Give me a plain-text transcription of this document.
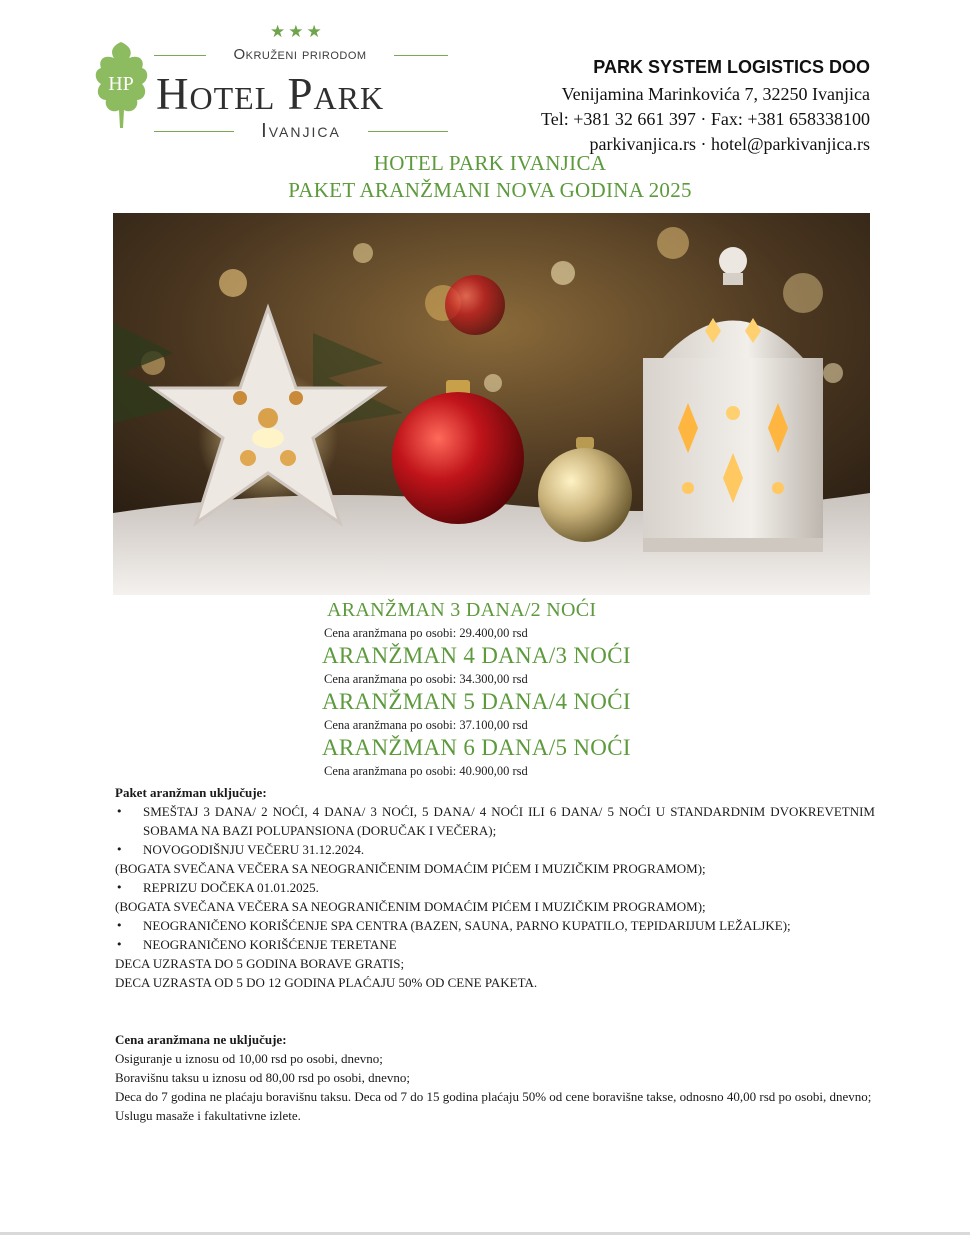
HP
★★★
Okruženi prirodom
Hotel Park
Ivanjica
PARK SYSTEM LOGISTICS DOO
Venijamina Marinkovića 7, 32250 Ivanjica
Tel: +381 32 661 397 · Fax: +381 658338100
parkivanjica.rs · hotel@parkivanjica.rs
HOTEL PARK IVANJICA
PAKET ARANŽMANI NOVA GODINA 2025
ARANŽMAN 3 DANA/2 NOĆI
Cena aranžmana po osobi: 29.400,00 rsd
ARANŽMAN 4 DANA/3 NOĆI
Cena aranžmana po osobi: 34.300,00 rsd
ARANŽMAN 5 DANA/4 NOĆI
Cena aranžmana po osobi: 37.100,00 rsd
ARANŽMAN 6 DANA/5 NOĆI
Cena aranžmana po osobi: 40.900,00 rsd
Paket aranžman uključuje:
• SMEŠTAJ 3 DANA/ 2 NOĆI, 4 DANA/ 3 NOĆI, 5 DANA/ 4 NOĆI ILI 6 DANA/ 5 NOĆI U STANDARDNIM DVOKREVETNIM SOBAMA NA BAZI POLUPANSIONA (DORUČAK I VEČERA);
• NOVOGODIŠNJU VEČERU 31.12.2024.
(BOGATA SVEČANA VEČERA SA NEOGRANIČENIM DOMAĆIM PIĆEM I MUZIČKIM PROGRAMOM);
• REPRIZU DOČEKA 01.01.2025.
(BOGATA SVEČANA VEČERA SA NEOGRANIČENIM DOMAĆIM PIĆEM I MUZIČKIM PROGRAMOM);
• NEOGRANIČENO KORIŠĆENJE SPA CENTRA (BAZEN, SAUNA, PARNO KUPATILO, TEPIDARIJUM LEŽALJKE);
• NEOGRANIČENO KORIŠĆENJE TERETANE
DECA UZRASTA DO 5 GODINA BORAVE GRATIS;
DECA UZRASTA OD 5 DO 12 GODINA PLAĆAJU 50% OD CENE PAKETA.
Cena aranžmana ne uključuje:
Osiguranje u iznosu od 10,00 rsd po osobi, dnevno;
Boravišnu taksu u iznosu od 80,00 rsd po osobi, dnevno;
Deca do 7 godina ne plaćaju boravišnu taksu. Deca od 7 do 15 godina plaćaju 50% od cene boravišne takse, odnosno 40,00 rsd po osobi, dnevno;
Uslugu masaže i fakultativne izlete.
